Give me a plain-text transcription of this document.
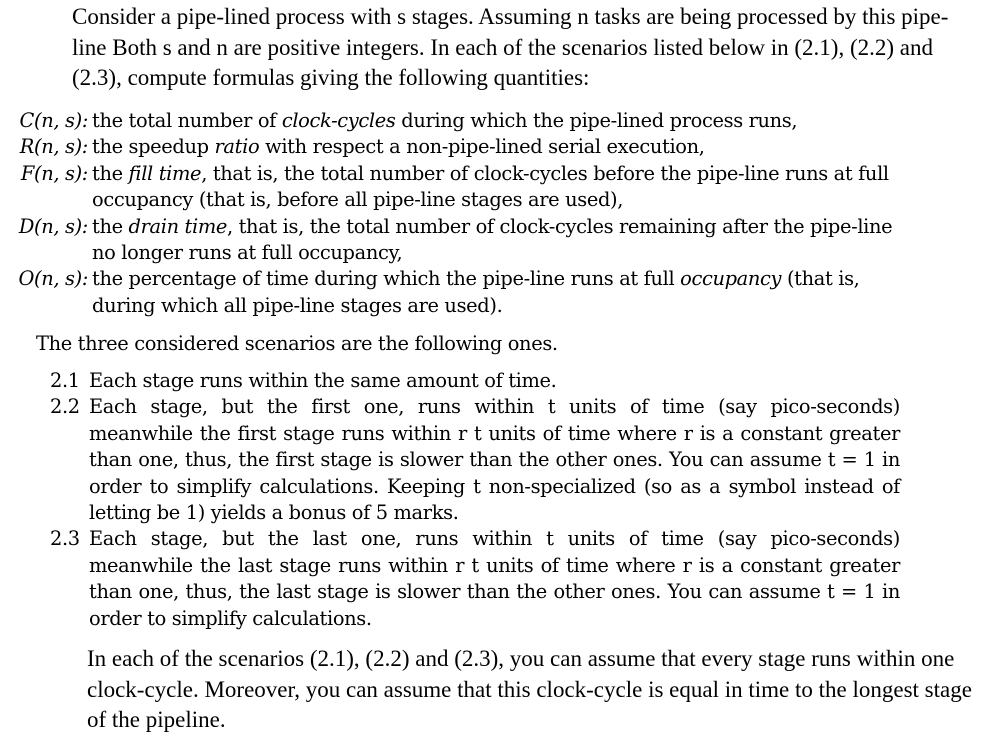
Consider a pipe-lined process with s stages. Assuming n tasks are being processed by this pipe-line Both s and n are positive integers. In each of the scenarios listed below in (2.1), (2.2) and (2.3), compute formulas giving the following quantities:
C(n, s): the total number of clock-cycles during which the pipe-lined process runs,
R(n, s): the speedup ratio with respect a non-pipe-lined serial execution,
F(n, s): the fill time, that is, the total number of clock-cycles before the pipe-line runs at full occupancy (that is, before all pipe-line stages are used),
D(n, s): the drain time, that is, the total number of clock-cycles remaining after the pipe-line no longer runs at full occupancy,
O(n, s): the percentage of time during which the pipe-line runs at full occupancy (that is, during which all pipe-line stages are used).
The three considered scenarios are the following ones.
2.1 Each stage runs within the same amount of time.
2.2 Each stage, but the first one, runs within t units of time (say pico-seconds) meanwhile the first stage runs within r t units of time where r is a constant greater than one, thus, the first stage is slower than the other ones. You can assume t = 1 in order to simplify calculations. Keeping t non-specialized (so as a symbol instead of letting be 1) yields a bonus of 5 marks.
2.3 Each stage, but the last one, runs within t units of time (say pico-seconds) meanwhile the last stage runs within r t units of time where r is a constant greater than one, thus, the last stage is slower than the other ones. You can assume t = 1 in order to simplify calculations.
In each of the scenarios (2.1), (2.2) and (2.3), you can assume that every stage runs within one clock-cycle. Moreover, you can assume that this clock-cycle is equal in time to the longest stage of the pipeline.
